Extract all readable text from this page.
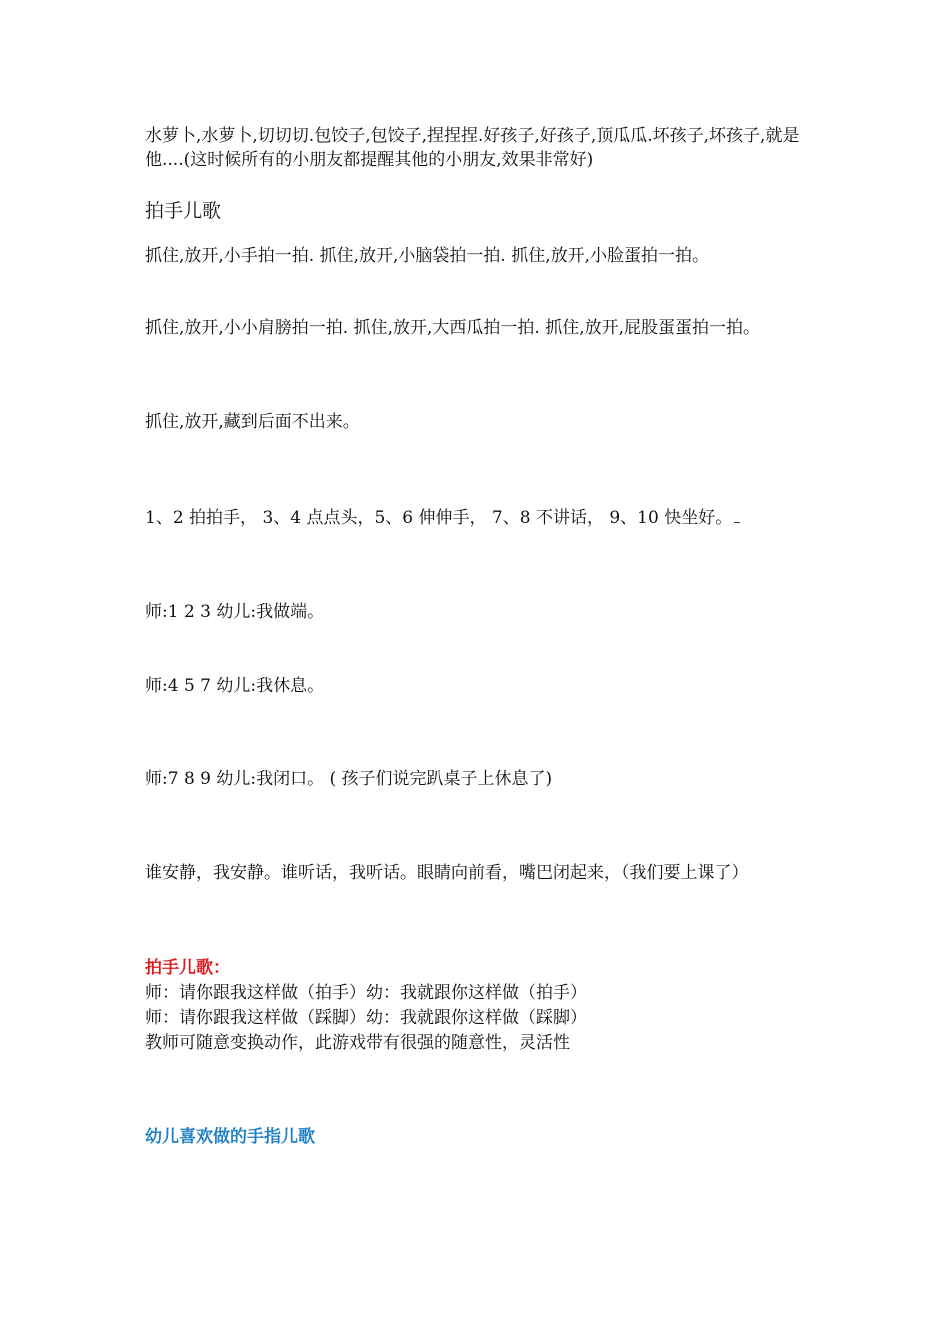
水萝卜,水萝卜,切切切.包饺子,包饺子,捏捏捏.好孩子,好孩子,顶瓜瓜.坏孩子,坏孩子,就是他....(这时候所有的小朋友都提醒其他的小朋友,效果非常好)

拍手儿歌

抓住,放开,小手拍一拍. 抓住,放开,小脑袋拍一拍. 抓住,放开,小脸蛋拍一拍。

抓住,放开,小小肩膀拍一拍. 抓住,放开,大西瓜拍一拍. 抓住,放开,屁股蛋蛋拍一拍。

抓住,放开,藏到后面不出来。

1、2 拍拍手， 3、4 点点头，5、6 伸伸手， 7、8 不讲话， 9、10 快坐好。

师:1 2 3 幼儿:我做端。

师:4 5 7 幼儿:我休息。

师:7 8 9 幼儿:我闭口。 ( 孩子们说完趴桌子上休息了)

谁安静，我安静。谁听话，我听话。眼睛向前看，嘴巴闭起来，（我们要上课了）

拍手儿歌：

师：请你跟我这样做（拍手）幼：我就跟你这样做（拍手）

师：请你跟我这样做（踩脚）幼：我就跟你这样做（踩脚）

教师可随意变换动作，此游戏带有很强的随意性，灵活性

幼儿喜欢做的手指儿歌
